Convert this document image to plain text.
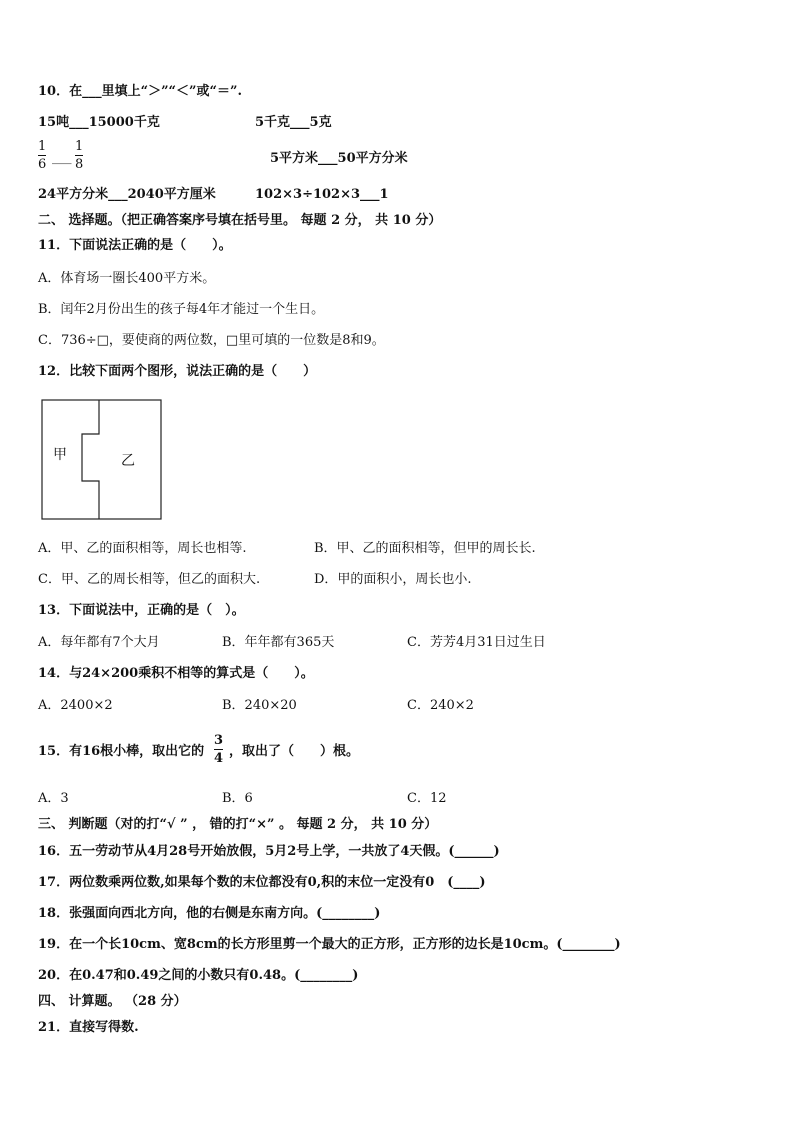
10．在___里填上“＞”“＜”或“＝”.
15吨___15000千克	5千克___5克
1
6 ___
1
8	5平方米___50平方分米
24平方分米___2040平方厘米	102×3÷102×3___1
二、 选择题。（把正确答案序号填在括号里。 每题 2 分， 共 10 分）
11．下面说法正确的是（　　）。
A．体育场一圈长400平方米。
B．闰年2月份出生的孩子每4年才能过一个生日。
C．736÷□，要使商的两位数，□里可填的一位数是8和9。
12．比较下面两个图形，说法正确的是（　　）
甲	乙
A．甲、乙的面积相等，周长也相等.	B．甲、乙的面积相等，但甲的周长长.
C．甲、乙的周长相等，但乙的面积大.	D．甲的面积小，周长也小.
13．下面说法中，正确的是（　）。
A．每年都有7个大月	B．年年都有365天	C．芳芳4月31日过生日
14．与24×200乘积不相等的算式是（　　）。
A．2400×2	B．240×20	C．240×2
15．有16根小棒，取出它的
3
4 ，取出了（　　）根。
A．3	B．6	C．12
三、 判断题（对的打“√ ” ， 错的打“×” 。 每题 2 分， 共 10 分）
16．五一劳动节从4月28号开始放假，5月2号上学，一共放了4天假。(______)
17．两位数乘两位数,如果每个数的末位都没有0,积的末位一定没有0　(____)
18．张强面向西北方向，他的右侧是东南方向。(________)
19．在一个长10cm、宽8cm的长方形里剪一个最大的正方形，正方形的边长是10cm。(________)
20．在0.47和0.49之间的小数只有0.48。(________)
四、 计算题。 （28 分）
21．直接写得数.
